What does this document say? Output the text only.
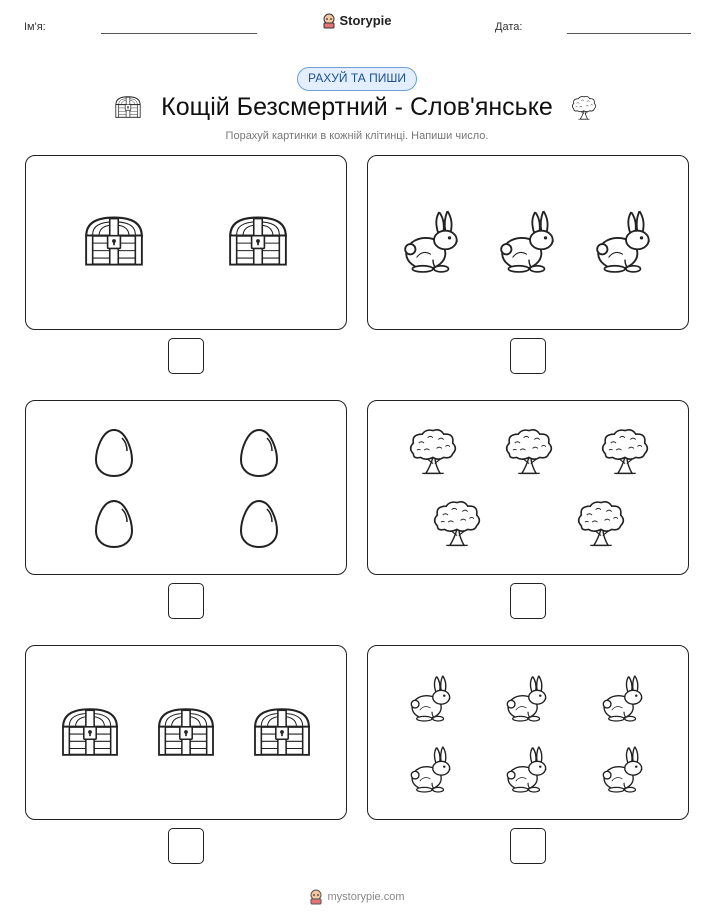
Ім'я:	Storypie	Дата:
РАХУЙ ТА ПИШИ
Кощій Безсмертний - Слов'янське
Порахуй картинки в кожній клітинці. Напиши число.
mystorypie.com
